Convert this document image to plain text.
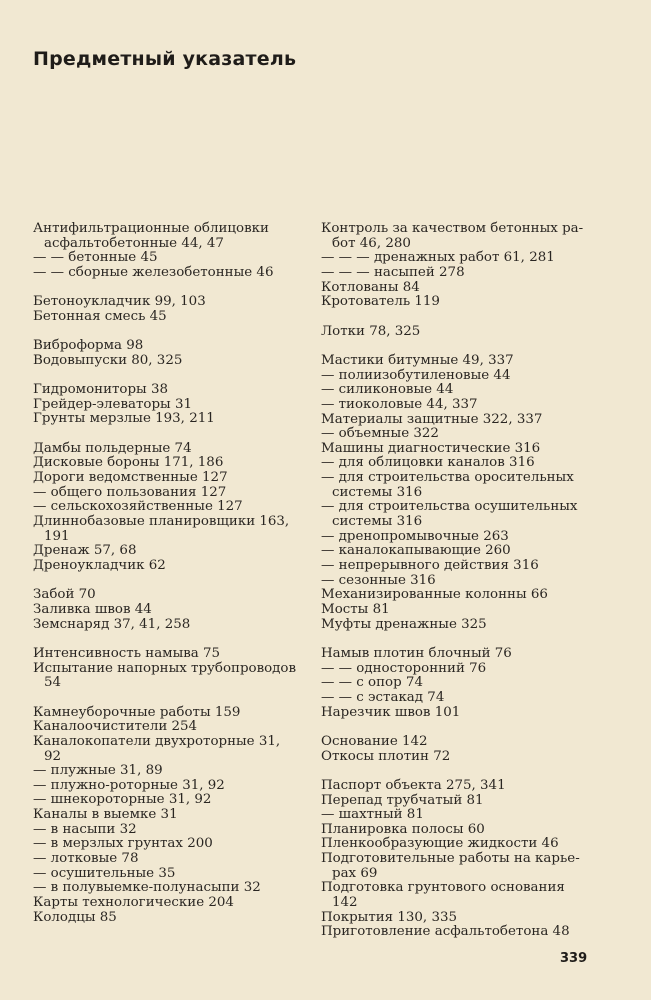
Предметный указатель
Антифильтрационные облицовки
асфальтобетонные 44, 47
— — бетонные 45
— — сборные железобетонные 46
Бетоноукладчик 99, 103
Бетонная смесь 45
Виброформа 98
Водовыпуски 80, 325
Гидромониторы 38
Грейдер-элеваторы 31
Грунты мерзлые 193, 211
Дамбы польдерные 74
Дисковые бороны 171, 186
Дороги ведомственные 127
— общего пользования 127
— сельскохозяйственные 127
Длиннобазовые планировщики 163,
191
Дренаж 57, 68
Дреноукладчик 62
Забой 70
Заливка швов 44
Земснаряд 37, 41, 258
Интенсивность намыва 75
Испытание напорных трубопроводов
54
Камнеуборочные работы 159
Каналоочистители 254
Каналокопатели двухроторные 31,
92
— плужные 31, 89
— плужно-роторные 31, 92
— шнекороторные 31, 92
Каналы в выемке 31
— в насыпи 32
— в мерзлых грунтах 200
— лотковые 78
— осушительные 35
— в полувыемке-полунасыпи 32
Карты технологические 204
Колодцы 85
Контроль за качеством бетонных ра-
бот 46, 280
— — — дренажных работ 61, 281
— — — насыпей 278
Котлованы 84
Кротователь 119
Лотки 78, 325
Мастики битумные 49, 337
— полиизобутиленовые 44
— силиконовые 44
— тиоколовые 44, 337
Материалы защитные 322, 337
— объемные 322
Машины диагностические 316
— для облицовки каналов 316
— для строительства оросительных
системы 316
— для строительства осушительных
системы 316
— дренопромывочные 263
— каналокапывающие 260
— непрерывного действия 316
— сезонные 316
Механизированные колонны 66
Мосты 81
Муфты дренажные 325
Намыв плотин блочный 76
— — односторонний 76
— — с опор 74
— — с эстакад 74
Нарезчик швов 101
Основание 142
Откосы плотин 72
Паспорт объекта 275, 341
Перепад трубчатый 81
— шахтный 81
Планировка полосы 60
Пленкообразующие жидкости 46
Подготовительные работы на карье-
рах 69
Подготовка грунтового основания
142
Покрытия 130, 335
Приготовление асфальтобетона 48
339
